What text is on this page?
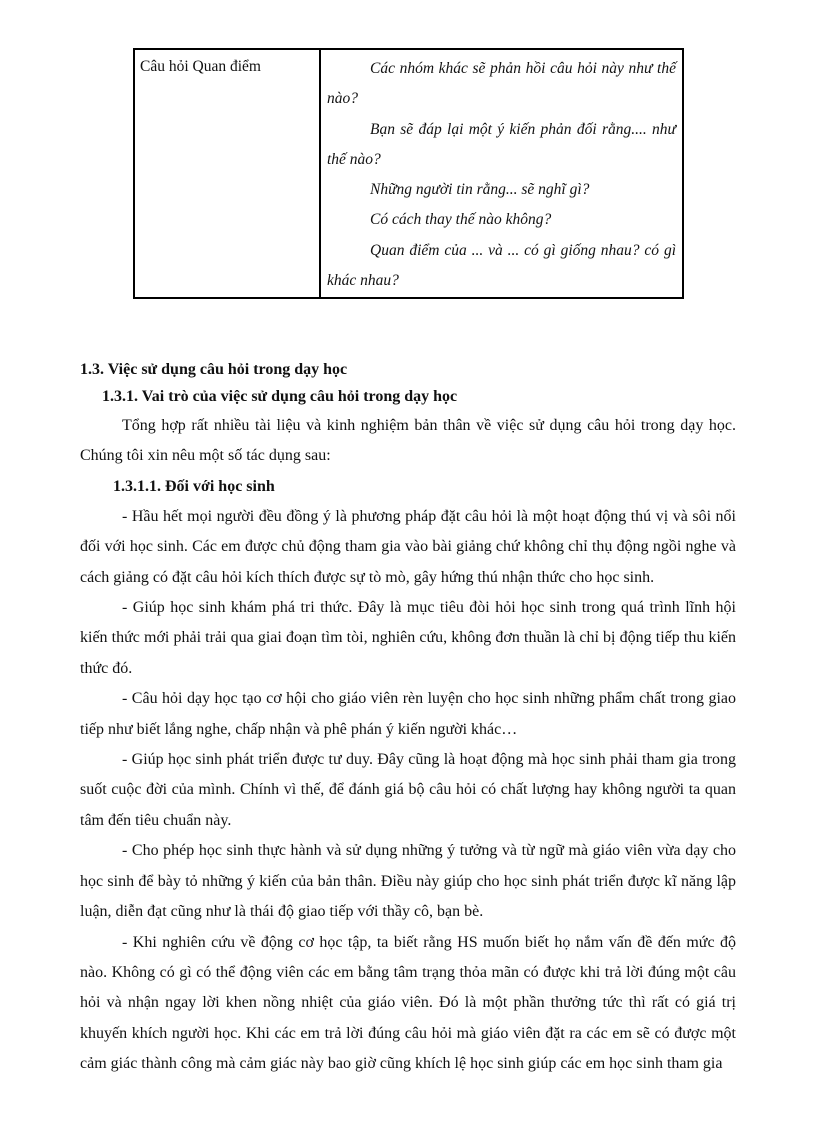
Câu hỏi Quan điểm	Các nhóm khác sẽ phản hồi câu hỏi này như thế nào?

Bạn sẽ đáp lại một ý kiến phản đối rằng.... như thế nào?

Những người tin rằng... sẽ nghĩ gì?

Có cách thay thế nào không?

Quan điểm của ... và ... có gì giống nhau? có gì khác nhau?

1.3. Việc sử dụng câu hỏi trong dạy học
1.3.1. Vai trò của việc sử dụng câu hỏi trong dạy học

Tổng hợp rất nhiều tài liệu và kinh nghiệm bản thân về việc sử dụng câu hỏi trong dạy học. Chúng tôi xin nêu một số tác dụng sau:

1.3.1.1. Đối với học sinh

- Hầu hết mọi người đều đồng ý là phương pháp đặt câu hỏi là một hoạt động thú vị và sôi nổi đối với học sinh. Các em được chủ động tham gia vào bài giảng chứ không chỉ thụ động ngồi nghe và cách giảng có đặt câu hỏi kích thích được sự tò mò, gây hứng thú nhận thức cho học sinh.

- Giúp học sinh khám phá tri thức. Đây là mục tiêu đòi hỏi học sinh trong quá trình lĩnh hội kiến thức mới phải trải qua giai đoạn tìm tòi, nghiên cứu, không đơn thuần là chỉ bị động tiếp thu kiến thức đó.

- Câu hỏi dạy học tạo cơ hội cho giáo viên rèn luyện cho học sinh những phẩm chất trong giao tiếp như biết lắng nghe, chấp nhận và phê phán ý kiến người khác…

- Giúp học sinh phát triển được tư duy. Đây cũng là hoạt động mà học sinh phải tham gia trong suốt cuộc đời của mình. Chính vì thế, để đánh giá bộ câu hỏi có chất lượng hay không người ta quan tâm đến tiêu chuẩn này.

- Cho phép học sinh thực hành và sử dụng những ý tưởng và từ ngữ mà giáo viên vừa dạy cho học sinh để bày tỏ những ý kiến của bản thân. Điều này giúp cho học sinh phát triển được kĩ năng lập luận, diễn đạt cũng như là thái độ giao tiếp với thầy cô, bạn bè.

- Khi nghiên cứu về động cơ học tập, ta biết rằng HS muốn biết họ nắm vấn đề đến mức độ nào. Không có gì có thể động viên các em bằng tâm trạng thỏa mãn có được khi trả lời đúng một câu hỏi và nhận ngay lời khen nồng nhiệt của giáo viên. Đó là một phần thưởng tức thì rất có giá trị khuyến khích người học. Khi các em trả lời đúng câu hỏi mà giáo viên đặt ra các em sẽ có được một cảm giác thành công mà cảm giác này bao giờ cũng khích lệ học sinh giúp các em học sinh tham gia
